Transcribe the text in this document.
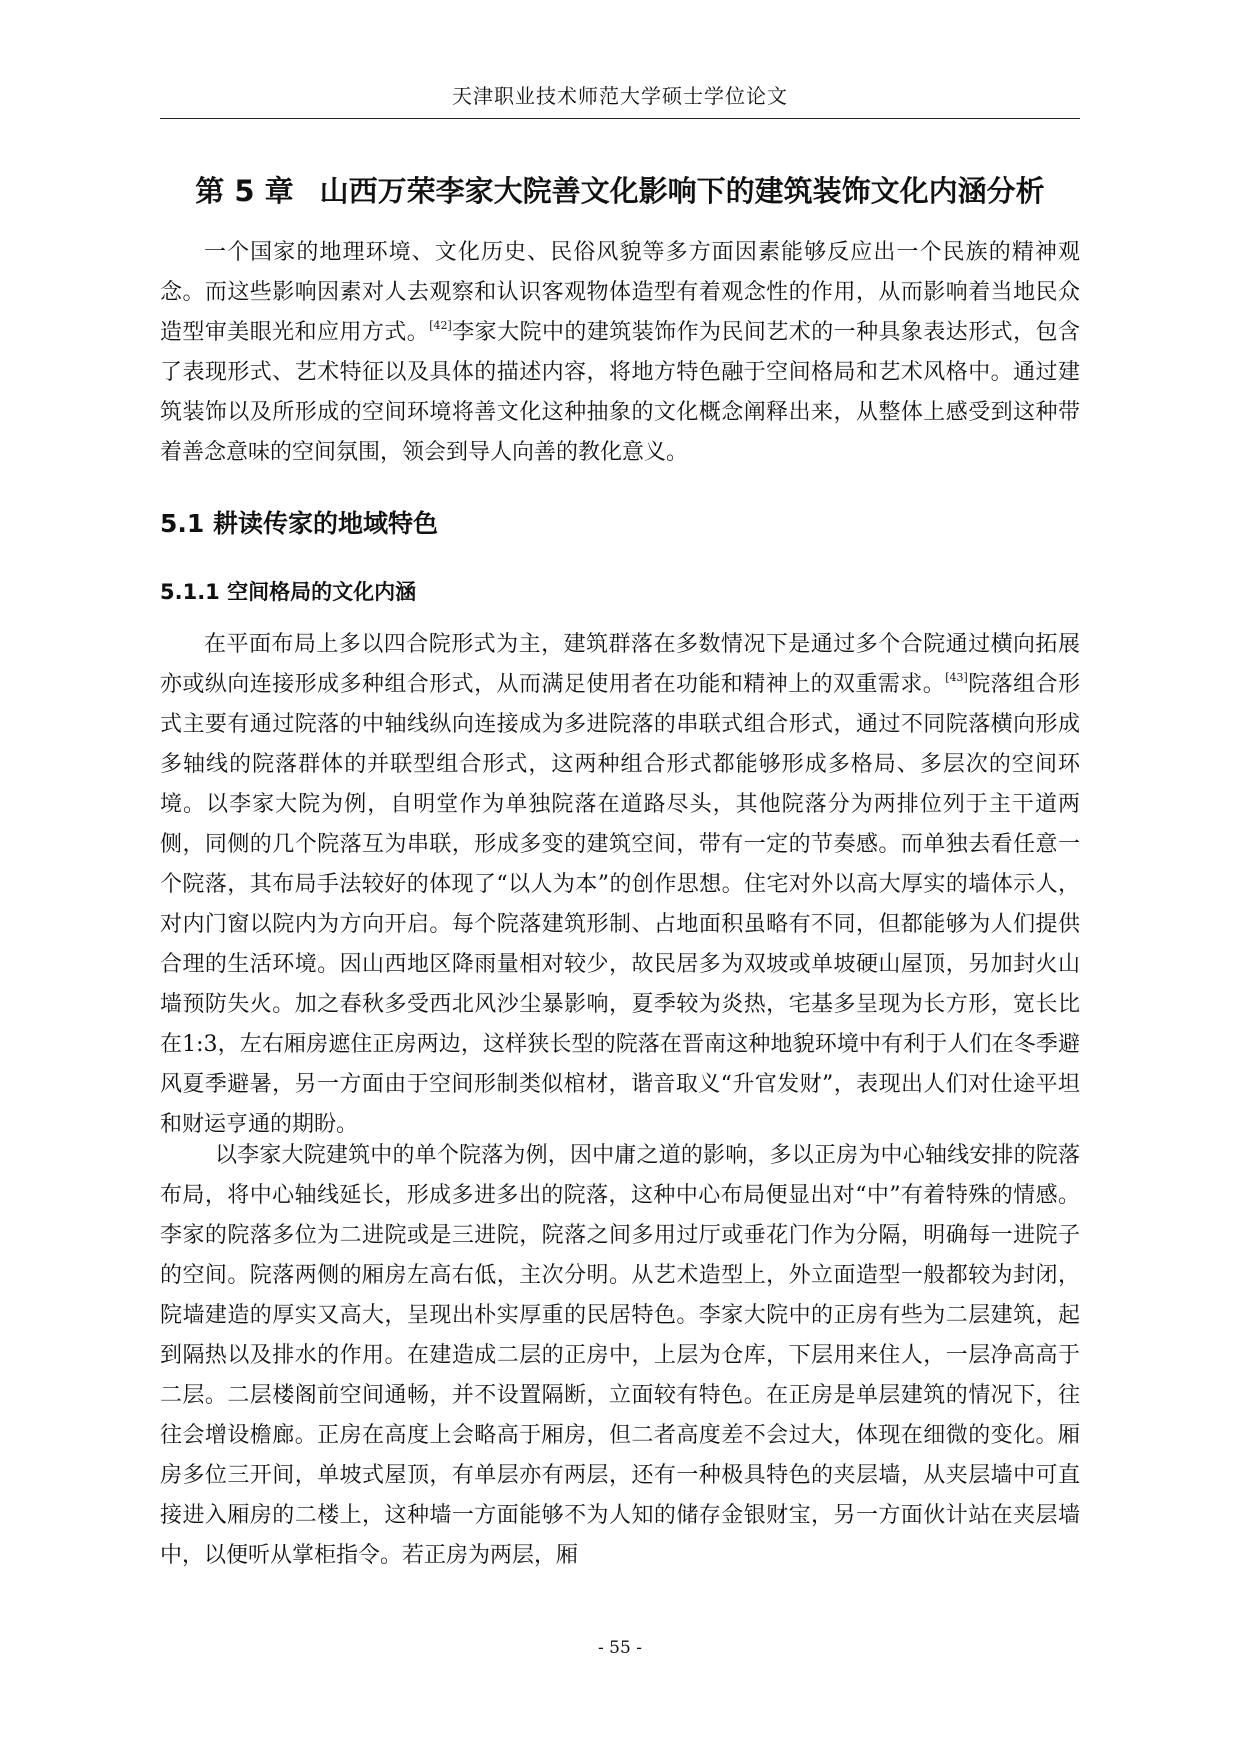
天津职业技术师范大学硕士学位论文
第 5 章 山西万荣李家大院善文化影响下的建筑装饰文化内涵分析

一个国家的地理环境、文化历史、民俗风貌等多方面因素能够反应出一个民族的精神观念。而这些影响因素对人去观察和认识客观物体造型有着观念性的作用，从而影响着当地民众造型审美眼光和应用方式。[42]李家大院中的建筑装饰作为民间艺术的一种具象表达形式，包含了表现形式、艺术特征以及具体的描述内容，将地方特色融于空间格局和艺术风格中。通过建筑装饰以及所形成的空间环境将善文化这种抽象的文化概念阐释出来，从整体上感受到这种带着善念意味的空间氛围，领会到导人向善的教化意义。

5.1 耕读传家的地域特色
5.1.1 空间格局的文化内涵

在平面布局上多以四合院形式为主，建筑群落在多数情况下是通过多个合院通过横向拓展亦或纵向连接形成多种组合形式，从而满足使用者在功能和精神上的双重需求。[43]院落组合形式主要有通过院落的中轴线纵向连接成为多进院落的串联式组合形式，通过不同院落横向形成多轴线的院落群体的并联型组合形式，这两种组合形式都能够形成多格局、多层次的空间环境。以李家大院为例，自明堂作为单独院落在道路尽头，其他院落分为两排位列于主干道两侧，同侧的几个院落互为串联，形成多变的建筑空间，带有一定的节奏感。而单独去看任意一个院落，其布局手法较好的体现了“以人为本”的创作思想。住宅对外以高大厚实的墙体示人，对内门窗以院内为方向开启。每个院落建筑形制、占地面积虽略有不同，但都能够为人们提供合理的生活环境。因山西地区降雨量相对较少，故民居多为双坡或单坡硬山屋顶，另加封火山墙预防失火。加之春秋多受西北风沙尘暴影响，夏季较为炎热，宅基多呈现为长方形，宽长比在1:3，左右厢房遮住正房两边，这样狭长型的院落在晋南这种地貌环境中有利于人们在冬季避风夏季避暑，另一方面由于空间形制类似棺材，谐音取义“升官发财”，表现出人们对仕途平坦和财运亨通的期盼。

以李家大院建筑中的单个院落为例，因中庸之道的影响，多以正房为中心轴线安排的院落布局，将中心轴线延长，形成多进多出的院落，这种中心布局便显出对“中”有着特殊的情感。李家的院落多位为二进院或是三进院，院落之间多用过厅或垂花门作为分隔，明确每一进院子的空间。院落两侧的厢房左高右低，主次分明。从艺术造型上，外立面造型一般都较为封闭，院墙建造的厚实又高大，呈现出朴实厚重的民居特色。李家大院中的正房有些为二层建筑，起到隔热以及排水的作用。在建造成二层的正房中，上层为仓库，下层用来住人，一层净高高于二层。二层楼阁前空间通畅，并不设置隔断，立面较有特色。在正房是单层建筑的情况下，往往会增设檐廊。正房在高度上会略高于厢房，但二者高度差不会过大，体现在细微的变化。厢房多位三开间，单坡式屋顶，有单层亦有两层，还有一种极具特色的夹层墙，从夹层墙中可直接进入厢房的二楼上，这种墙一方面能够不为人知的储存金银财宝，另一方面伙计站在夹层墙中，以便听从掌柜指令。若正房为两层，厢

- 55 -
